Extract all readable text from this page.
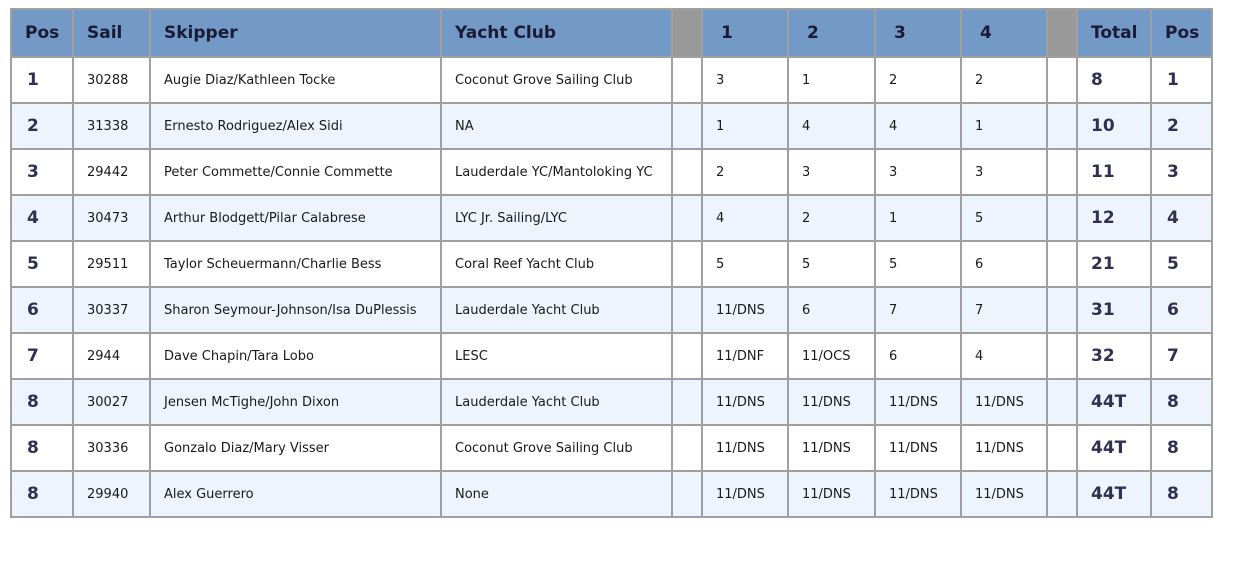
Pos	Sail	Skipper	Yacht Club		1	2	3	4		Total	Pos
1	30288	Augie Diaz/Kathleen Tocke	Coconut Grove Sailing Club		3	1	2	2		8	1
2	31338	Ernesto Rodriguez/Alex Sidi	NA		1	4	4	1		10	2
3	29442	Peter Commette/Connie Commette	Lauderdale YC/Mantoloking YC		2	3	3	3		11	3
4	30473	Arthur Blodgett/Pilar Calabrese	LYC Jr. Sailing/LYC		4	2	1	5		12	4
5	29511	Taylor Scheuermann/Charlie Bess	Coral Reef Yacht Club		5	5	5	6		21	5
6	30337	Sharon Seymour-Johnson/Isa DuPlessis	Lauderdale Yacht Club		11/DNS	6	7	7		31	6
7	2944	Dave Chapin/Tara Lobo	LESC		11/DNF	11/OCS	6	4		32	7
8	30027	Jensen McTighe/John Dixon	Lauderdale Yacht Club		11/DNS	11/DNS	11/DNS	11/DNS		44T	8
8	30336	Gonzalo Diaz/Mary Visser	Coconut Grove Sailing Club		11/DNS	11/DNS	11/DNS	11/DNS		44T	8
8	29940	Alex Guerrero	None		11/DNS	11/DNS	11/DNS	11/DNS		44T	8
